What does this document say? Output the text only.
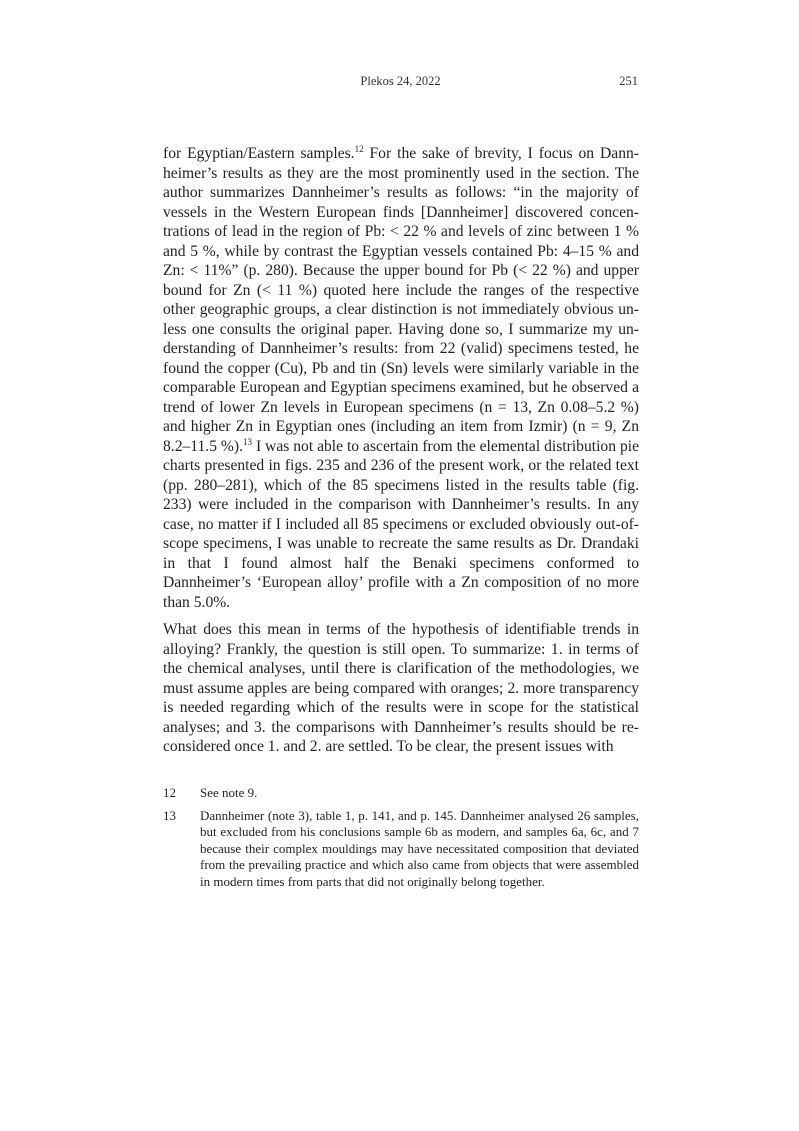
Plekos 24, 2022	251

for Egyptian/Eastern samples.$^{12}$ For the sake of brevity, I focus on Dannheimer’s results as they are the most prominently used in the section. The author summarizes Dannheimer’s results as follows: “in the majority of vessels in the Western European finds [Dannheimer] discovered concentrations of lead in the region of Pb: < 22 % and levels of zinc between 1 % and 5 %, while by contrast the Egyptian vessels contained Pb: 4–15 % and Zn: < 11%” (p. 280). Because the upper bound for Pb (< 22 %) and upper bound for Zn (< 11 %) quoted here include the ranges of the respective other geographic groups, a clear distinction is not immediately obvious unless one consults the original paper. Having done so, I summarize my understanding of Dannheimer’s results: from 22 (valid) specimens tested, he found the copper (Cu), Pb and tin (Sn) levels were similarly variable in the comparable European and Egyptian specimens examined, but he observed a trend of lower Zn levels in European specimens (n = 13, Zn 0.08–5.2 %) and higher Zn in Egyptian ones (including an item from Izmir) (n = 9, Zn 8.2–11.5 %).$^{13}$ I was not able to ascertain from the elemental distribution pie charts presented in figs. 235 and 236 of the present work, or the related text (pp. 280–281), which of the 85 specimens listed in the results table (fig. 233) were included in the comparison with Dannheimer’s results. In any case, no matter if I included all 85 specimens or excluded obviously out-of-scope specimens, I was unable to recreate the same results as Dr. Drandaki in that I found almost half the Benaki specimens conformed to Dannheimer’s ‘European alloy’ profile with a Zn composition of no more than 5.0%.

What does this mean in terms of the hypothesis of identifiable trends in alloying? Frankly, the question is still open. To summarize: 1. in terms of the chemical analyses, until there is clarification of the methodologies, we must assume apples are being compared with oranges; 2. more transparency is needed regarding which of the results were in scope for the statistical analyses; and 3. the comparisons with Dannheimer’s results should be reconsidered once 1. and 2. are settled. To be clear, the present issues with

12	See note 9.
13	Dannheimer (note 3), table 1, p. 141, and p. 145. Dannheimer analysed 26 samples, but excluded from his conclusions sample 6b as modern, and samples 6a, 6c, and 7 because their complex mouldings may have necessitated composition that deviated from the prevailing practice and which also came from objects that were assembled in modern times from parts that did not originally belong together.
